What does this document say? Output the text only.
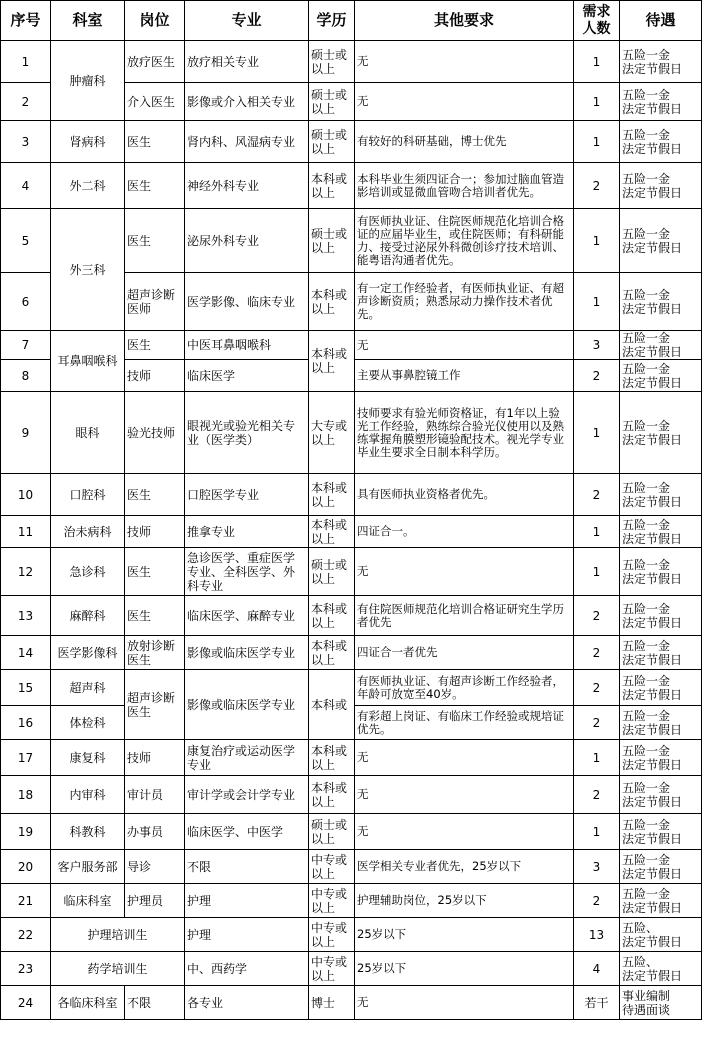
序号	科室	岗位	专业	学历	其他要求	需求
人数	待遇
1	肿瘤科	放疗医生	放疗相关专业	硕士或以上	无	1	五险一金
法定节假日

2		介入医生	影像或介入相关专业	硕士或以上	无	1	五险一金
法定节假日

3	肾病科	医生	肾内科、风湿病专业	硕士或以上	有较好的科研基础，博士优先	1	五险一金
法定节假日

4	外二科	医生	神经外科专业	本科或以上	本科毕业生须四证合一；参加过脑血管造影培训或显微血管吻合培训者优先。	2	五险一金
法定节假日

5	外三科	医生	泌尿外科专业	硕士或以上	有医师执业证、住院医师规范化培训合格证的应届毕业生，或住院医师；有科研能力、接受过泌尿外科微创诊疗技术培训、能粤语沟通者优先。	1	五险一金
法定节假日

6		超声诊断医师	医学影像、临床专业	本科或以上	有一定工作经验者，有医师执业证、有超声诊断资质；熟悉尿动力操作技术者优先。	1	五险一金
法定节假日

7	耳鼻咽喉科	医生	中医耳鼻咽喉科	本科或以上	无	3	五险一金
法定节假日

8		技师	临床医学		主要从事鼻腔镜工作	2	五险一金
法定节假日

9	眼科	验光技师	眼视光或验光相关专业（医学类）	大专或以上	技师要求有验光师资格证，有1年以上验光工作经验，熟练综合验光仪使用以及熟练掌握角膜塑形镜验配技术。视光学专业毕业生要求全日制本科学历。	1	五险一金
法定节假日

10	口腔科	医生	口腔医学专业	本科或以上	具有医师执业资格者优先。	2	五险一金
法定节假日

11	治未病科	技师	推拿专业	本科或以上	四证合一。	1	五险一金
法定节假日

12	急诊科	医生	急诊医学、重症医学专业、全科医学、外科专业	硕士或以上	无	1	五险一金
法定节假日

13	麻醉科	医生	临床医学、麻醉专业	本科或以上	有住院医师规范化培训合格证研究生学历者优先	2	五险一金
法定节假日

14	医学影像科	放射诊断医生	影像或临床医学专业	本科或以上	四证合一者优先	2	五险一金
法定节假日

15	超声科	超声诊断医生	影像或临床医学专业	本科或	有医师执业证、有超声诊断工作经验者，年龄可放宽至40岁。	2	五险一金
法定节假日

16	体检科				有彩超上岗证、有临床工作经验或规培证优先。	2	五险一金
法定节假日

17	康复科	技师	康复治疗或运动医学专业	本科或以上	无	1	五险一金
法定节假日

18	内审科	审计员	审计学或会计学专业	本科或以上	无	2	五险一金
法定节假日

19	科教科	办事员	临床医学、中医学	硕士或以上	无	1	五险一金
法定节假日

20	客户服务部	导诊	不限	中专或以上	医学相关专业者优先，25岁以下	3	五险一金
法定节假日

21	临床科室	护理员	护理	中专或以上	护理辅助岗位，25岁以下	2	五险一金
法定节假日

22	护理培训生		护理	中专或以上	25岁以下	13	五险、
法定节假日

23	药学培训生		中、西药学	中专或以上	25岁以下	4	五险、
法定节假日

24	各临床科室	不限	各专业	博士	无	若干	事业编制
待遇面谈
